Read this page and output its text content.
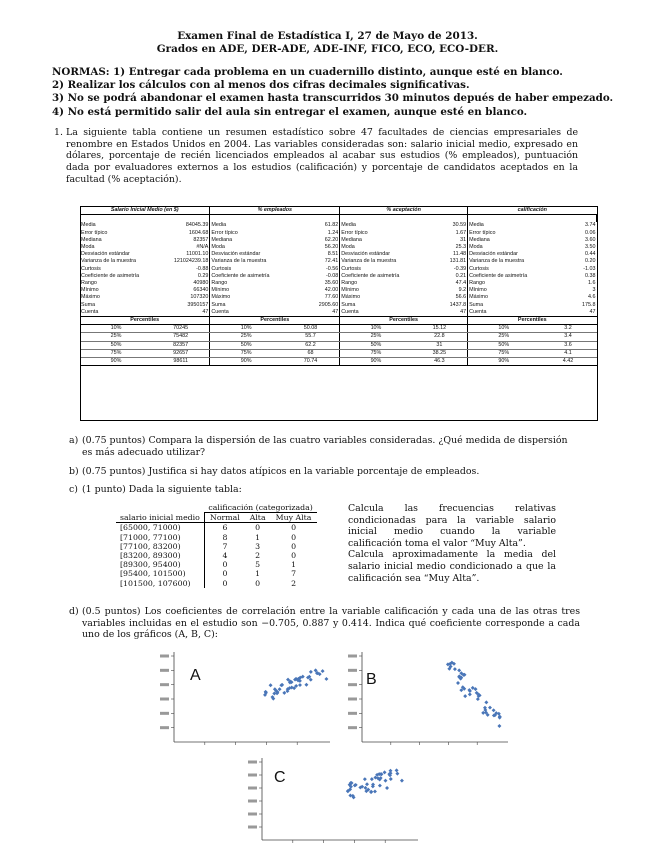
Examen Final de Estadística I, 27 de Mayo de 2013.
Grados en ADE, DER-ADE, ADE-INF, FICO, ECO, ECO-DER.
NORMAS: 1) Entregar cada problema en un cuadernillo distinto, aunque esté en blanco.
2) Realizar los cálculos con al menos dos cifras decimales significativas.
3) No se podrá abandonar el examen hasta transcurridos 30 minutos depués de haber empezado.
4) No está permitido salir del aula sin entregar el examen, aunque esté en blanco.
1. La siguiente tabla contiene un resumen estadístico sobre 47 facultades de ciencias empresariales de renombre en Estados Unidos en 2004. Las variables consideradas son: salario inicial medio, expresado en dólares, porcentaje de recién licenciados empleados al acabar sus estudios (% empleados), puntuación dada por evaluadores externos a los estudios (calificación) y porcentaje de candidatos aceptados en la facultad (% aceptación).
Salario Inicial Medio (en $)		% empleados		% aceptación		calificación	

Media	84045.39	Media	61.82	Media	30.59	Media	3.74
Error típico	1604.68	Error típico	1.24	Error típico	1.67	Error típico	0.06
Mediana	82357	Mediana	62.20	Mediana	31	Mediana	3.60
Moda	#N/A	Moda	56.20	Moda	25.3	Moda	3.50
Desviación estándar	11001.10	Desviación estándar	8.51	Desviación estándar	11.48	Desviación estándar	0.44
Varianza de la muestra	121024239.18	Varianza de la muestra	72.41	Varianza de la muestra	131.81	Varianza de la muestra	0.20
Curtosis	-0.88	Curtosis	-0.56	Curtosis	-0.39	Curtosis	-1.03
Coeficiente de asimetría	0.29	Coeficiente de asimetría	-0.08	Coeficiente de asimetría	0.21	Coeficiente de asimetría	0.38
Rango	40980	Rango	35.60	Rango	47.4	Rango	1.6
Mínimo	66340	Mínimo	42.00	Mínimo	9.2	Mínimo	3
Máximo	107320	Máximo	77.60	Máximo	56.6	Máximo	4.6
Suma	3950157	Suma	2905.60	Suma	1437.8	Suma	175.8
Cuenta	47	Cuenta	47	Cuenta	47	Cuenta	47
Percentiles		Percentiles		Percentiles		Percentiles	
10%	70245	10%	50.08	10%	15.12	10%	3.2
25%	75482	25%	55.7	25%	22.8	25%	3.4
50%	82357	50%	62.2	50%	31	50%	3.6
75%	92657	75%	68	75%	38.25	75%	4.1
90%	98611	90%	70.74	90%	46.3	90%	4.42
a) (0.75 puntos) Compara la dispersión de las cuatro variables consideradas. ¿Qué medida de dispersión es más adecuado utilizar?
b) (0.75 puntos) Justifica si hay datos atípicos en la variable porcentaje de empleados.
c) (1 punto) Dada la siguiente tabla:
	calificación (categorizada)		
salario inicial medio	Normal	Alta	Muy Alta
[65000, 71000)	6	0	0
[71000, 77100)	8	1	0
[77100, 83200)	7	3	0
[83200, 89300)	4	2	0
[89300, 95400)	0	5	1
[95400, 101500)	0	1	7
[101500, 107600)	0	0	2

Calcula las frecuencias relativas condicionadas para la variable salario inicial medio cuando la variable calificación toma el valor “Muy Alta”.

Calcula aproximadamente la media del salario inicial medio condicionado a que la calificación sea “Muy Alta”.

d) (0.5 puntos) Los coeficientes de correlación entre la variable calificación y cada una de las otras tres variables incluidas en el estudio son −0.705, 0.887 y 0.414. Indica qué coeficiente corresponde a cada uno de los gráficos (A, B, C):
A	B
C
